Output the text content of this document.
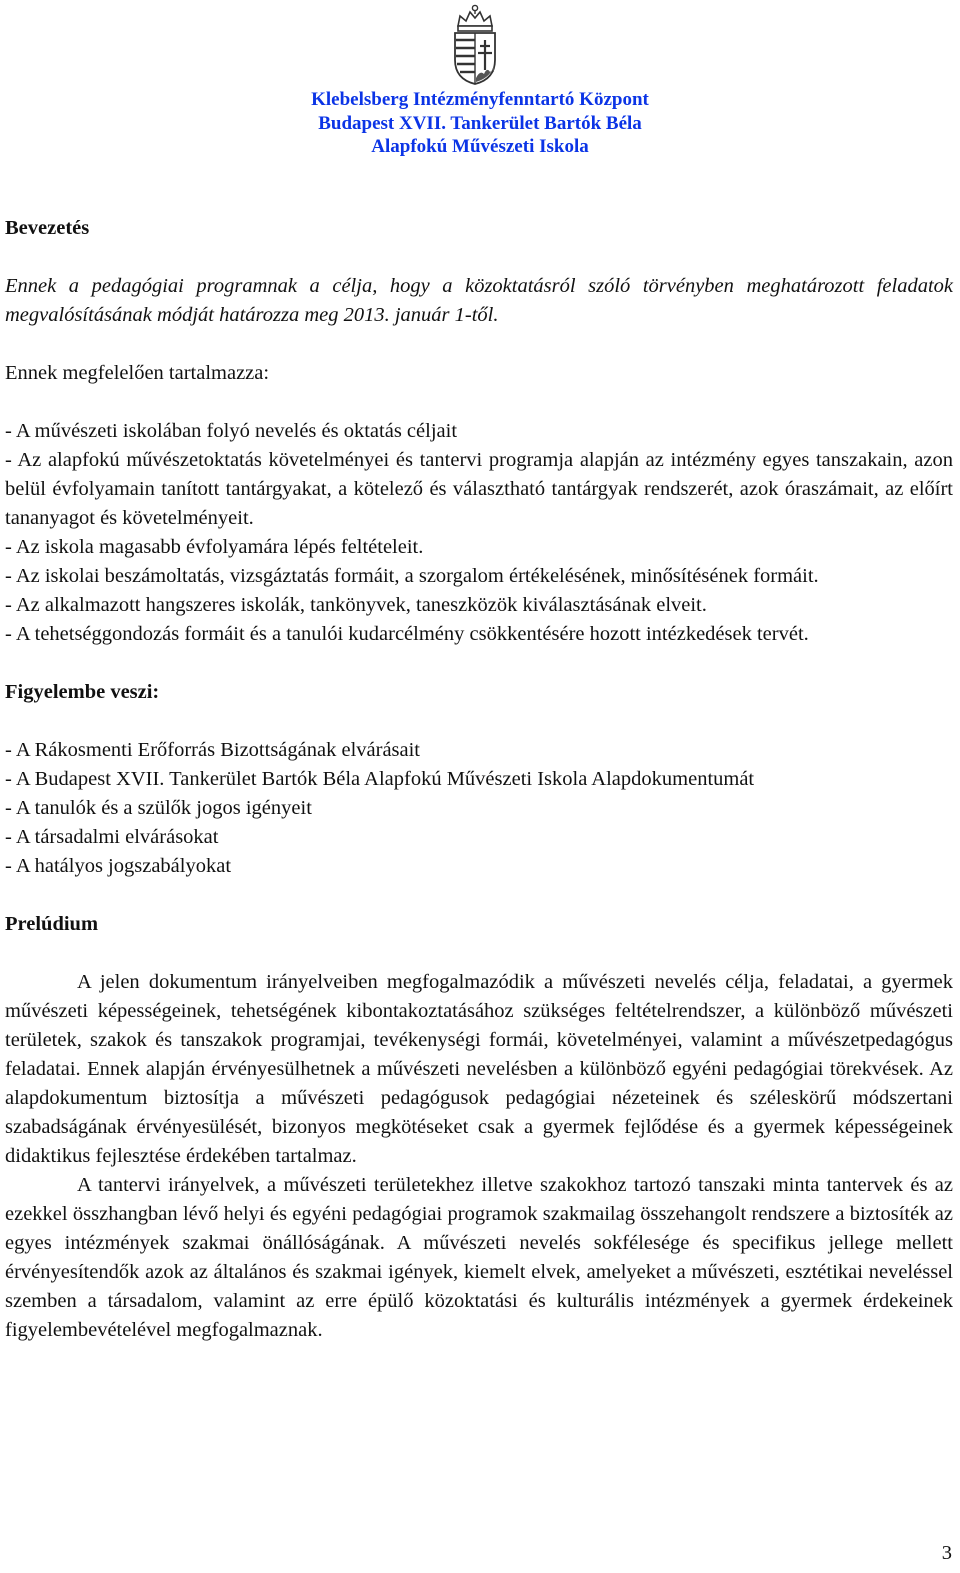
Klebelsberg Intézményfenntartó Központ
Budapest XVII. Tankerület Bartók Béla
Alapfokú Művészeti Iskola

Bevezetés

Ennek a pedagógiai programnak a célja, hogy a közoktatásról szóló törvényben meghatározott feladatok megvalósításának módját határozza meg 2013. január 1-től.

Ennek megfelelően tartalmazza:

- A művészeti iskolában folyó nevelés és oktatás céljait

- Az alapfokú művészetoktatás követelményei és tantervi programja alapján az intézmény egyes tanszakain, azon belül évfolyamain tanított tantárgyakat, a kötelező és választható tantárgyak rendszerét, azok óraszámait, az előírt tananyagot és követelményeit.

- Az iskola magasabb évfolyamára lépés feltételeit.

- Az iskolai beszámoltatás, vizsgáztatás formáit, a szorgalom értékelésének, minősítésének formáit.

- Az alkalmazott hangszeres iskolák, tankönyvek, taneszközök kiválasztásának elveit.

- A tehetséggondozás formáit és a tanulói kudarcélmény csökkentésére hozott intézkedések tervét.

Figyelembe veszi:

- A Rákosmenti Erőforrás Bizottságának elvárásait

- A Budapest XVII. Tankerület Bartók Béla Alapfokú Művészeti Iskola Alapdokumentumát

- A tanulók és a szülők jogos igényeit

- A társadalmi elvárásokat

- A hatályos jogszabályokat

Prelúdium

A jelen dokumentum irányelveiben megfogalmazódik a művészeti nevelés célja, feladatai, a gyermek művészeti képességeinek, tehetségének kibontakoztatásához szükséges feltételrendszer, a különböző művészeti területek, szakok és tanszakok programjai, tevékenységi formái, követelményei, valamint a művészetpedagógus feladatai. Ennek alapján érvényesülhetnek a művészeti nevelésben a különböző egyéni pedagógiai törekvések. Az alapdokumentum biztosítja a művészeti pedagógusok pedagógiai nézeteinek és széleskörű módszertani szabadságának érvényesülését, bizonyos megkötéseket csak a gyermek fejlődése és a gyermek képességeinek didaktikus fejlesztése érdekében tartalmaz.

A tantervi irányelvek, a művészeti területekhez illetve szakokhoz tartozó tanszaki minta tantervek és az ezekkel összhangban lévő helyi és egyéni pedagógiai programok szakmailag összehangolt rendszere a biztosíték az egyes intézmények szakmai önállóságának. A művészeti nevelés sokfélesége és specifikus jellege mellett érvényesítendők azok az általános és szakmai igények, kiemelt elvek, amelyeket a művészeti, esztétikai neveléssel szemben a társadalom, valamint az erre épülő közoktatási és kulturális intézmények a gyermek érdekeinek figyelembevételével megfogalmaznak.

3
